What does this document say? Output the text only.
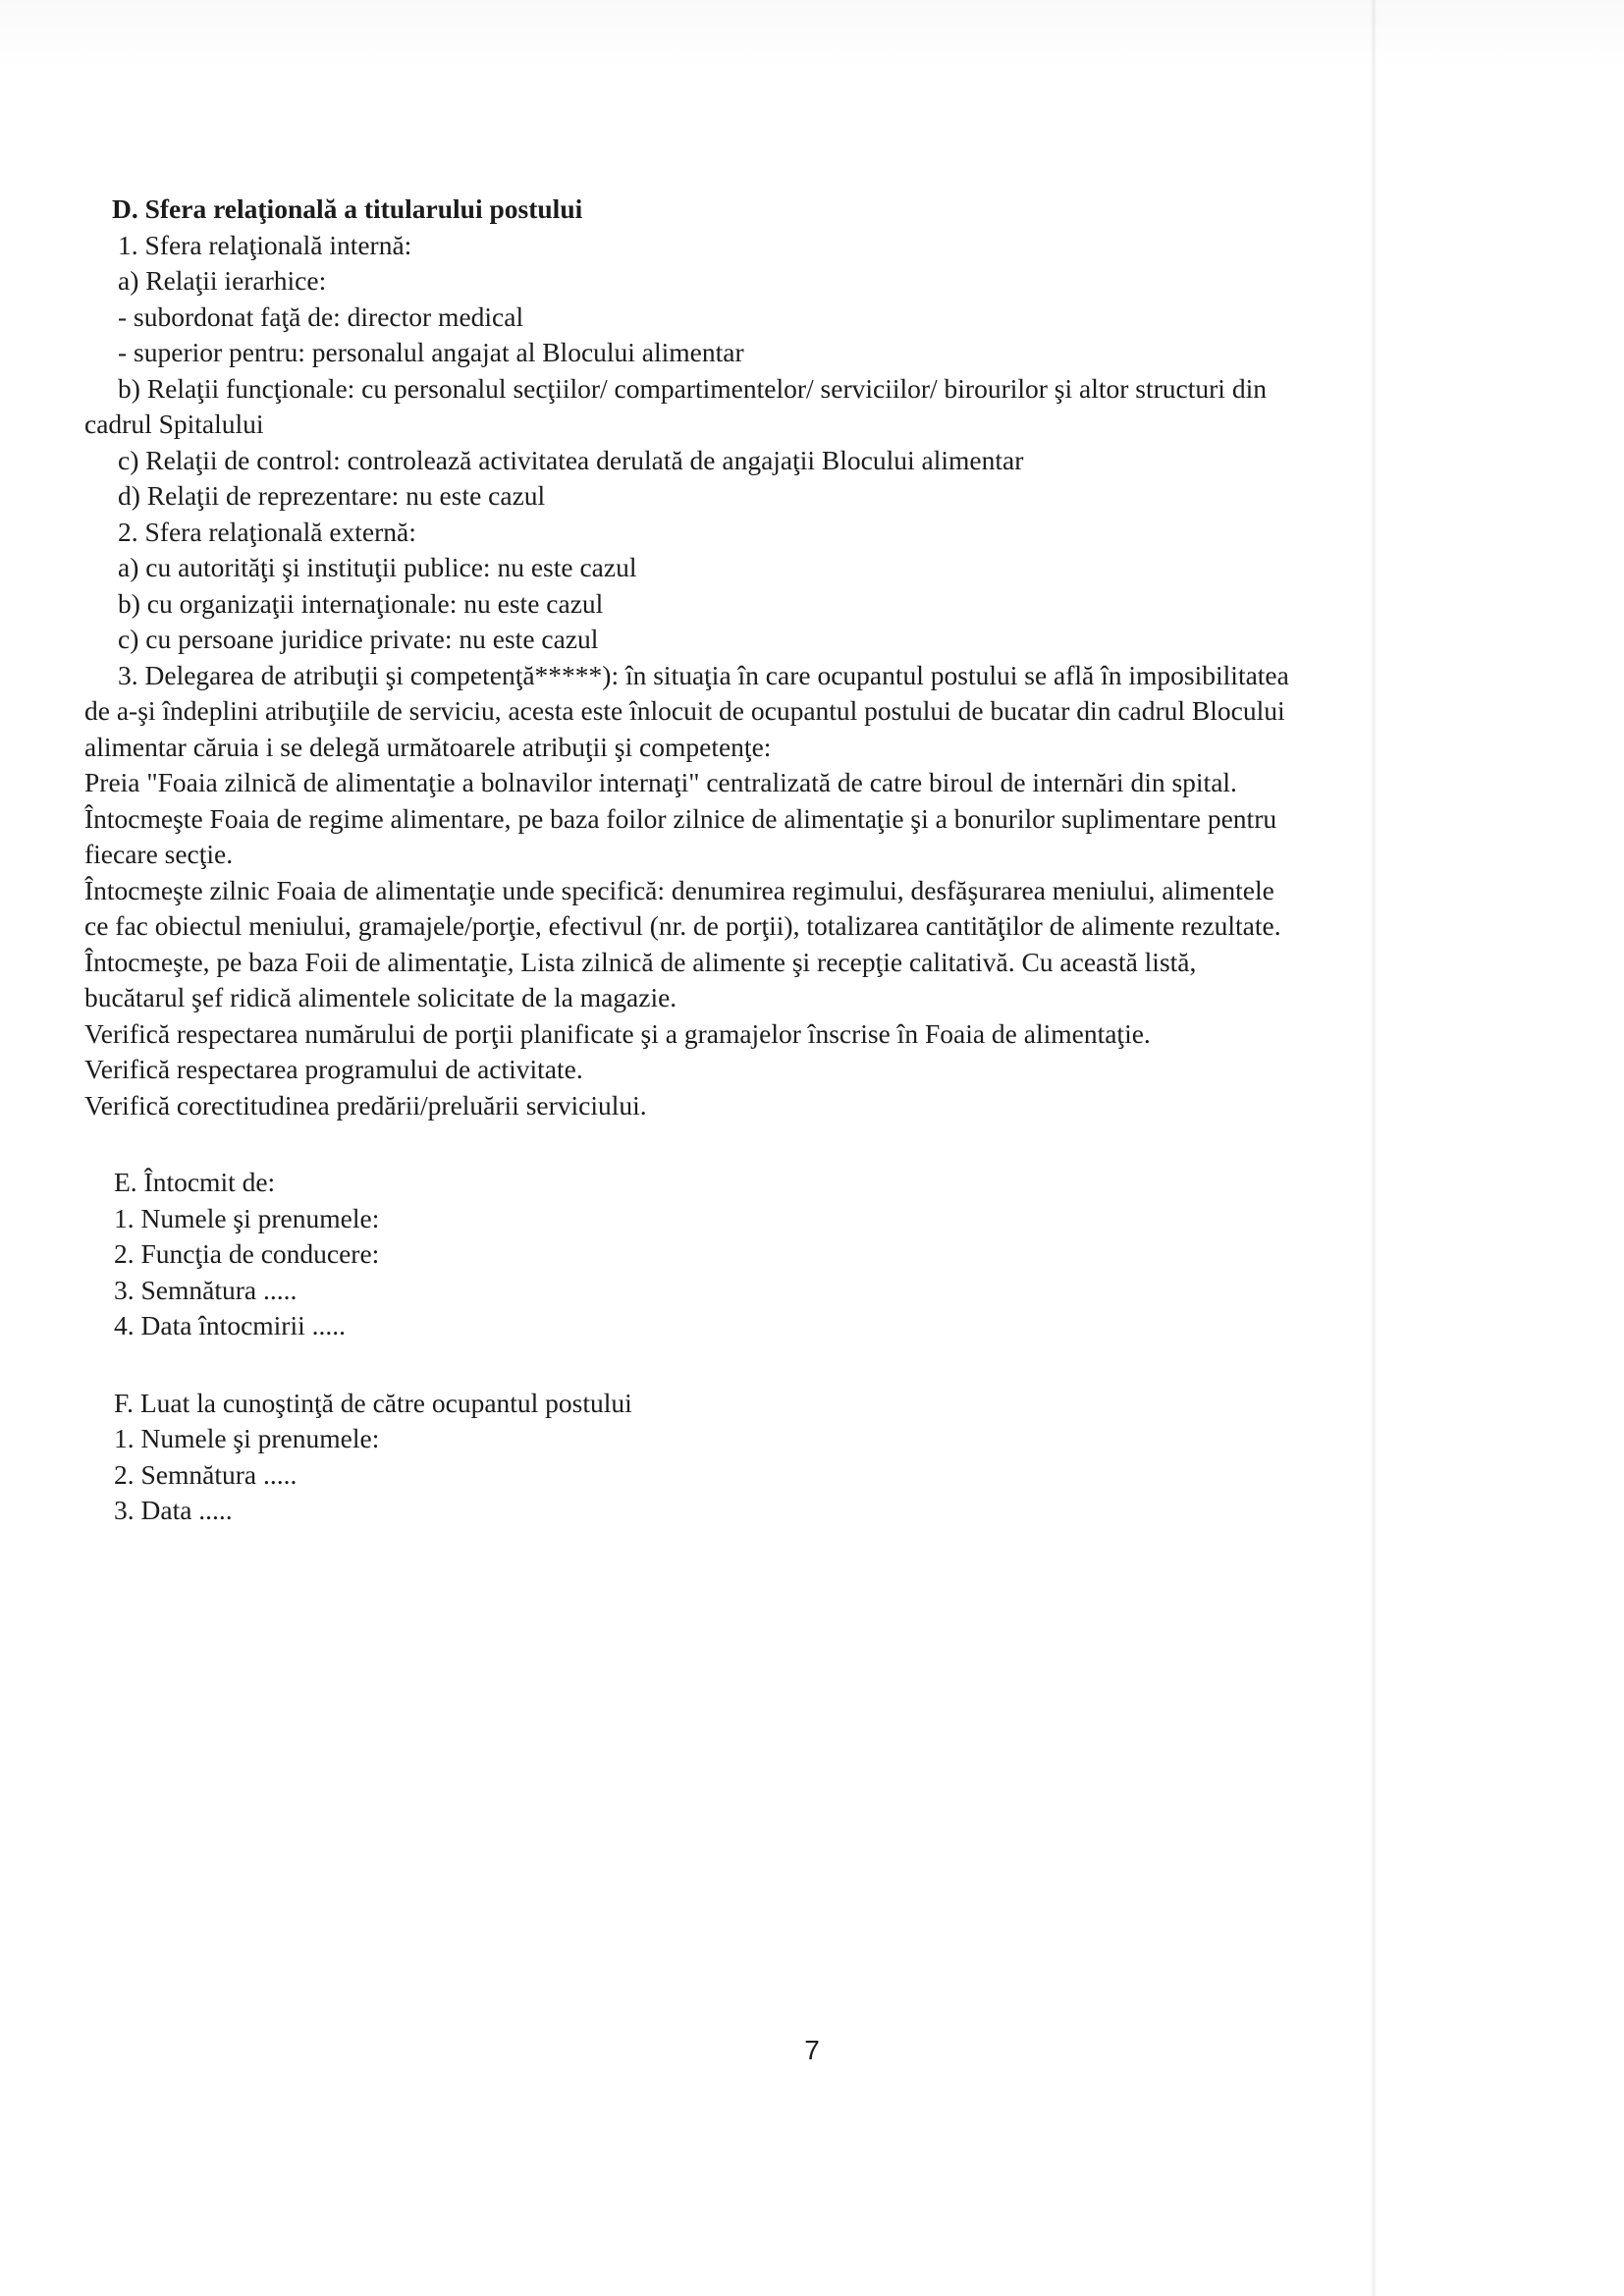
D. Sfera relaţională a titularului postului
1. Sfera relaţională internă:
a) Relaţii ierarhice:
- subordonat faţă de: director medical
- superior pentru: personalul angajat al Blocului alimentar
b) Relaţii funcţionale: cu personalul secţiilor/ compartimentelor/ serviciilor/ birourilor şi altor structuri din
cadrul Spitalului
c) Relaţii de control: controlează activitatea derulată de angajaţii Blocului alimentar
d) Relaţii de reprezentare: nu este cazul
2. Sfera relaţională externă:
a) cu autorităţi şi instituţii publice: nu este cazul
b) cu organizaţii internaţionale: nu este cazul
c) cu persoane juridice private: nu este cazul
3. Delegarea de atribuţii şi competenţă*****): în situaţia în care ocupantul postului se află în imposibilitatea
de a-şi îndeplini atribuţiile de serviciu, acesta este înlocuit de ocupantul postului de bucatar din cadrul Blocului
alimentar căruia i se delegă următoarele atribuţii şi competenţe:
Preia "Foaia zilnică de alimentaţie a bolnavilor internaţi" centralizată de catre biroul de internări din spital.
Întocmeşte Foaia de regime alimentare, pe baza foilor zilnice de alimentaţie şi a bonurilor suplimentare pentru
fiecare secţie.
Întocmeşte zilnic Foaia de alimentaţie unde specifică: denumirea regimului, desfăşurarea meniului, alimentele
ce fac obiectul meniului, gramajele/porţie, efectivul (nr. de porţii), totalizarea cantităţilor de alimente rezultate.
Întocmeşte, pe baza Foii de alimentaţie, Lista zilnică de alimente şi recepţie calitativă. Cu această listă,
bucătarul şef ridică alimentele solicitate de la magazie.
Verifică respectarea numărului de porţii planificate şi a gramajelor înscrise în Foaia de alimentaţie.
Verifică respectarea programului de activitate.
Verifică corectitudinea predării/preluării serviciului.
E. Întocmit de:
1. Numele şi prenumele:
2. Funcţia de conducere:
3. Semnătura .....
4. Data întocmirii .....
F. Luat la cunoştinţă de către ocupantul postului
1. Numele şi prenumele:
2. Semnătura .....
3. Data .....
7
